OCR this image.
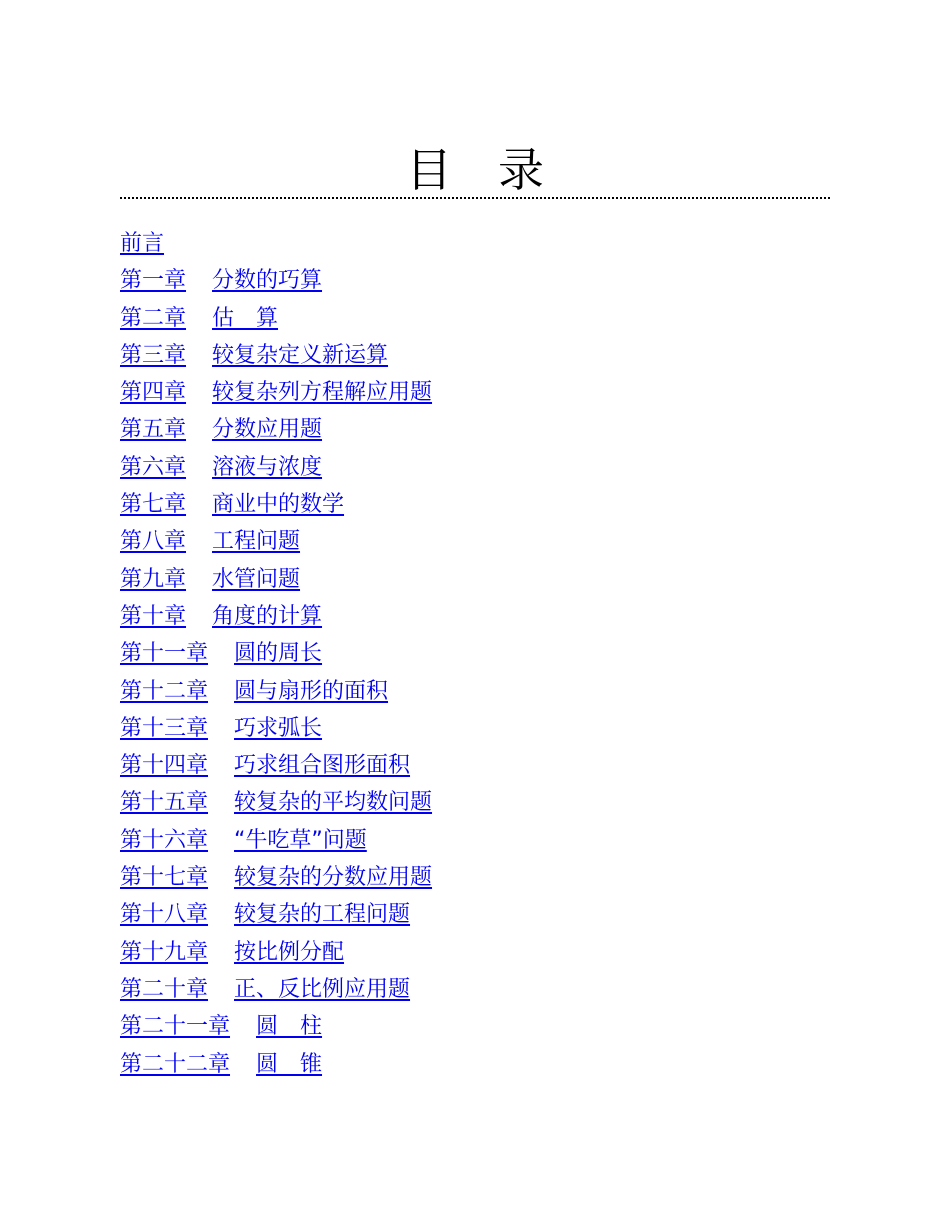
目 录
前言
第一章 分数的巧算
第二章 估　算
第三章 较复杂定义新运算
第四章 较复杂列方程解应用题
第五章 分数应用题
第六章 溶液与浓度
第七章 商业中的数学
第八章 工程问题
第九章 水管问题
第十章 角度的计算
第十一章 圆的周长
第十二章 圆与扇形的面积
第十三章 巧求弧长
第十四章 巧求组合图形面积
第十五章 较复杂的平均数问题
第十六章 “牛吃草”问题
第十七章 较复杂的分数应用题
第十八章 较复杂的工程问题
第十九章 按比例分配
第二十章 正、反比例应用题
第二十一章 圆　柱
第二十二章 圆　锥
